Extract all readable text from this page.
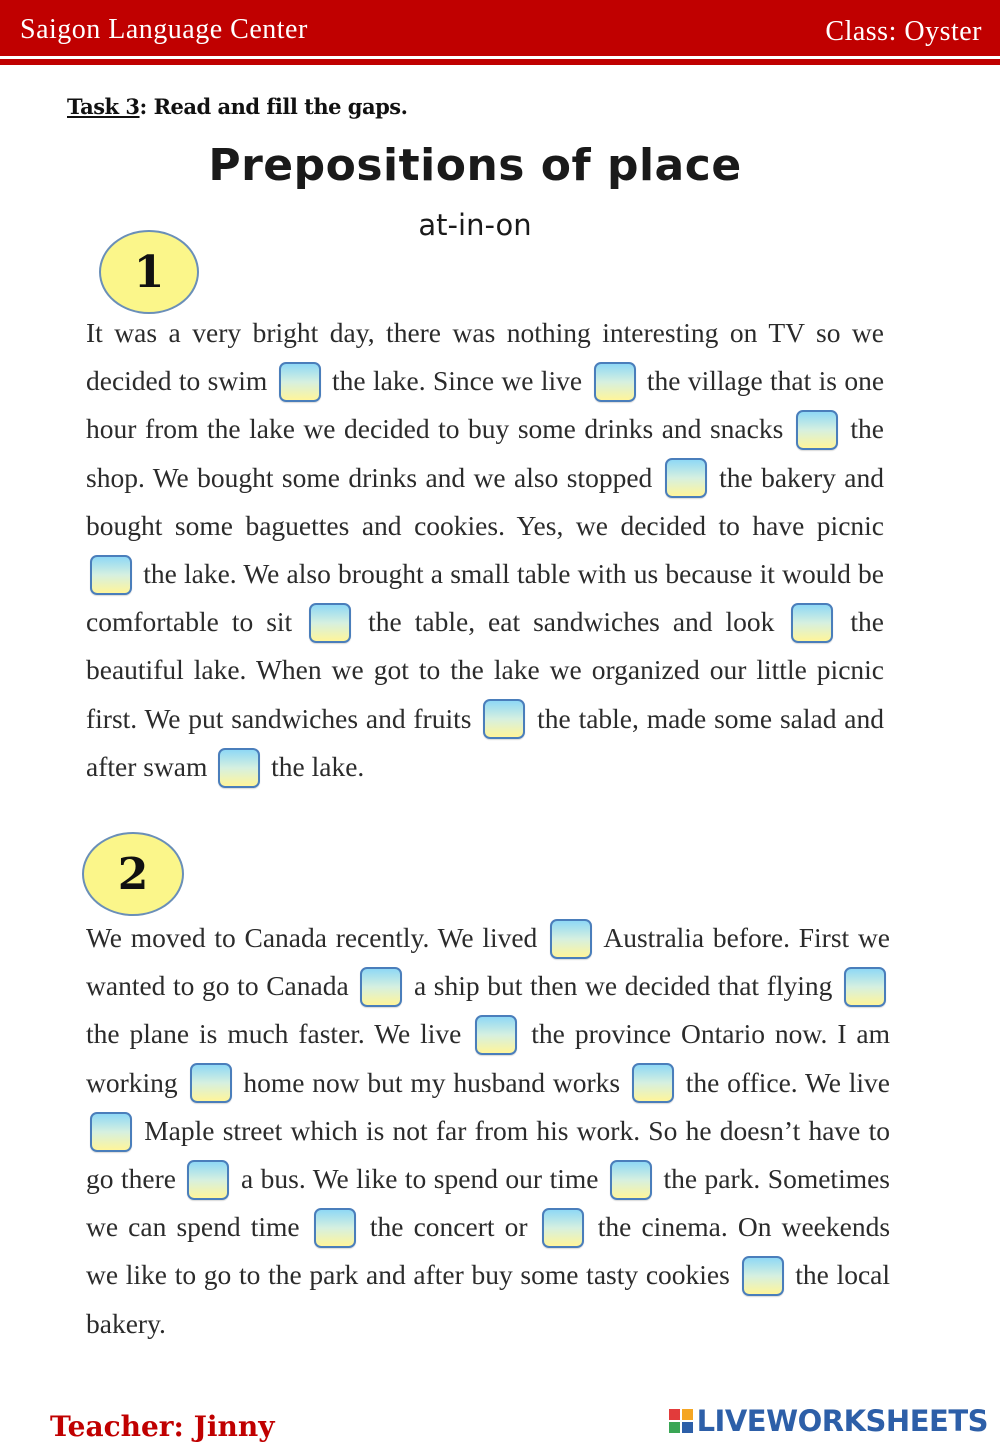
Saigon Language Center	Class: Oyster
Task 3: Read and fill the gaps.
Prepositions of place
at-in-on
1
It was a very bright day, there was nothing interesting on TV so we decided to swim the lake. Since we live the village that is one hour from the lake we decided to buy some drinks and snacks the shop. We bought some drinks and we also stopped the bakery and bought some baguettes and cookies. Yes, we decided to have picnic  the lake. We also brought a small table with us because it would be comfortable to sit	the table, eat sandwiches and look	the beautiful lake. When we got to the lake we organized our little picnic first. We put sandwiches and fruits the table, made some salad and after swam the lake.
2
We moved to Canada recently. We lived Australia before. First we wanted to go to Canada a ship but then we decided that flying  the plane is much faster. We live	the province Ontario now. I am working home now but my husband works the office. We live  Maple street which is not far from his work. So he doesn’t have to go there a bus. We like to spend our time the park. Sometimes we can spend time	the concert or	the cinema. On weekends we like to go to the park and after buy some tasty cookies the local bakery.
Teacher: Jinny	LIVEWORKSHEETS
